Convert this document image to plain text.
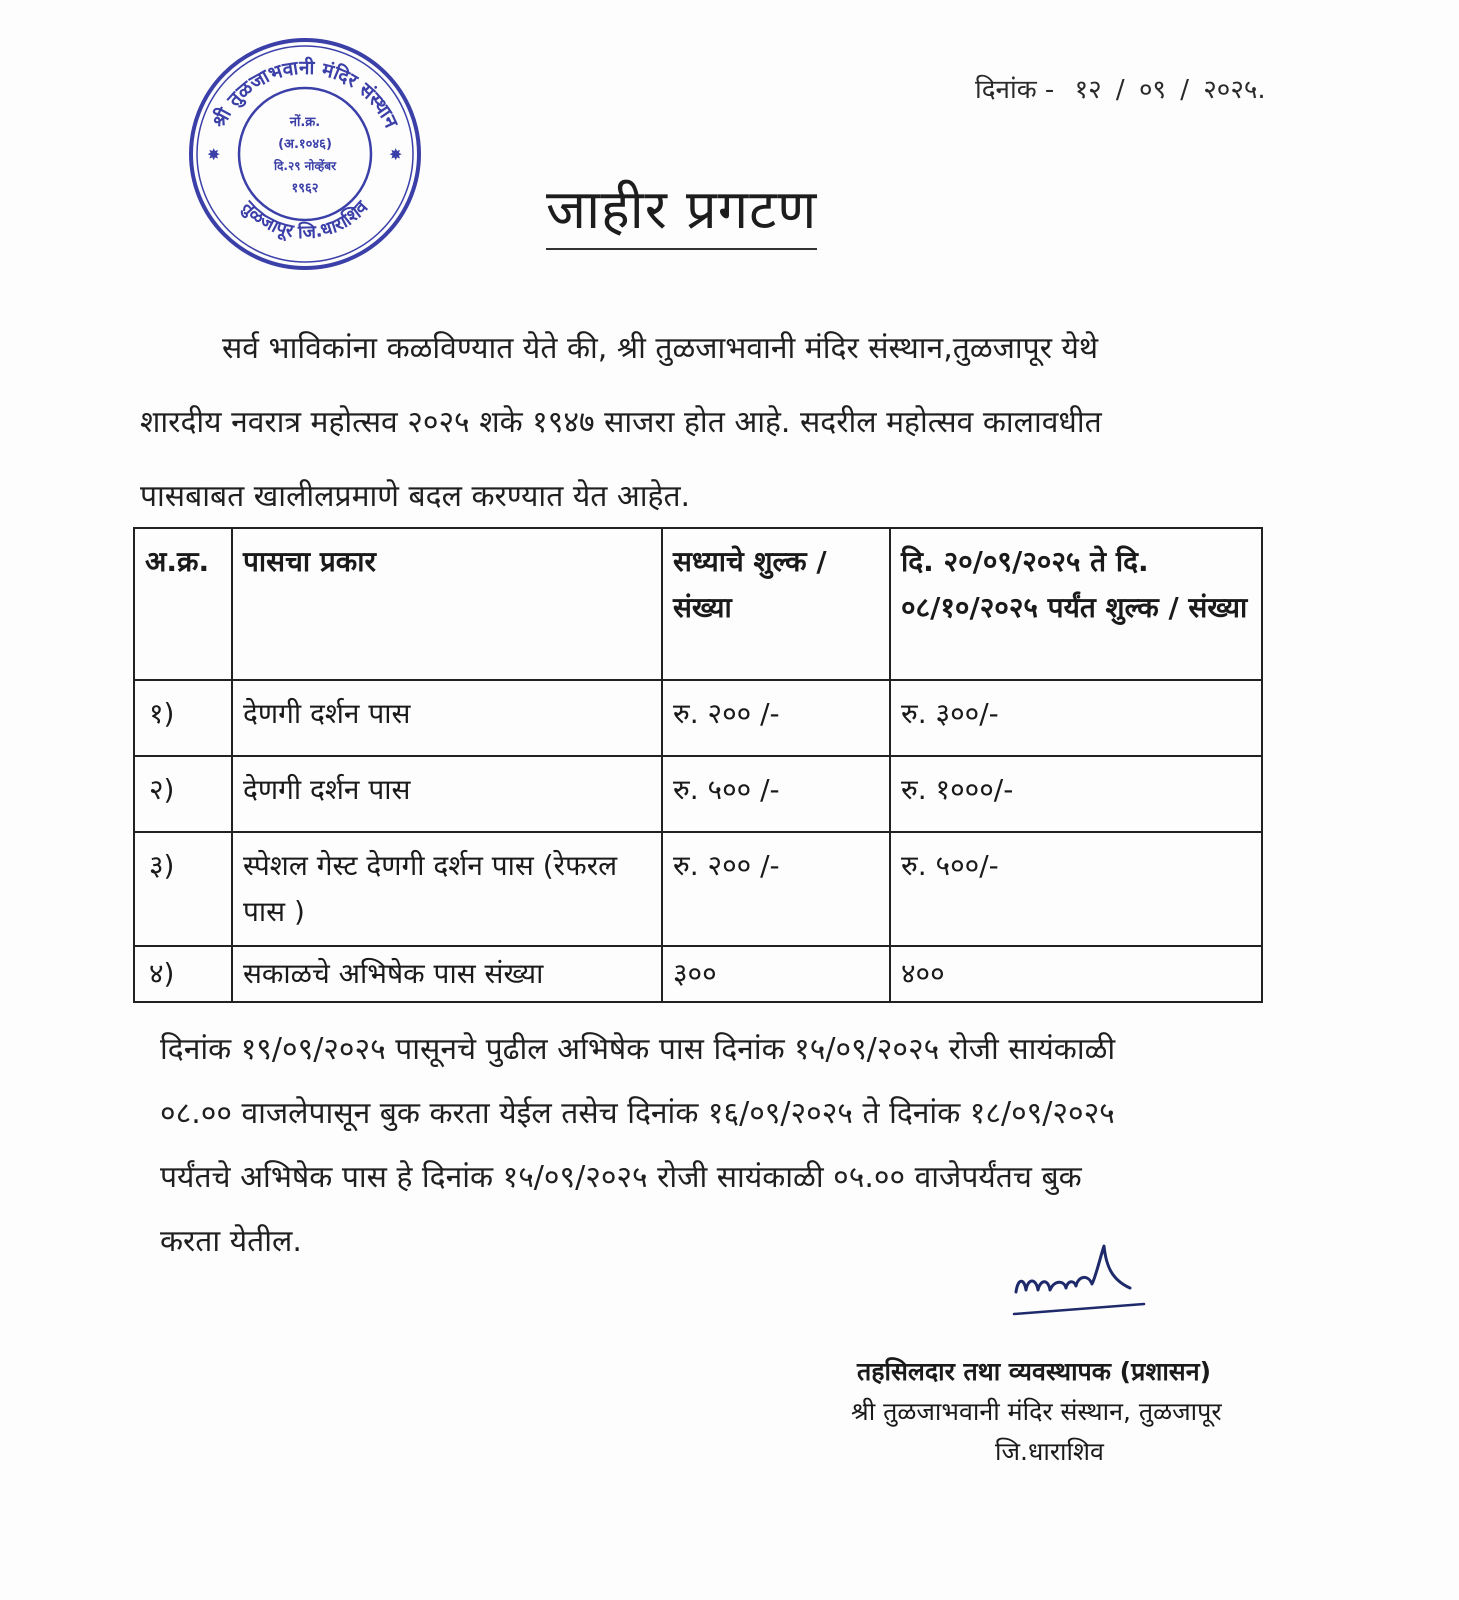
श्री तुळजाभवानी मंदिर संस्थान
तुळजापूर जि.धाराशिव
✸	✸
नों.क्र.
(अ.१०४६)
दि.२९ नोव्हेंबर
१९६२
दिनांक - १२ / ०९ / २०२५.
जाहीर प्रगटण
सर्व भाविकांना कळविण्यात येते की, श्री तुळजाभवानी मंदिर संस्थान,तुळजापूर येथे
शारदीय नवरात्र महोत्सव २०२५ शके १९४७ साजरा होत आहे. सदरील महोत्सव कालावधीत
पासबाबत खालीलप्रमाणे बदल करण्यात येत आहेत.
अ.क्र.	पासचा प्रकार	सध्याचे शुल्क / संख्या	दि. २०/०९/२०२५ ते दि. ०८/१०/२०२५ पर्यंत शुल्क / संख्या
१)	देणगी दर्शन पास	रु. २०० /-	रु. ३००/-
२)	देणगी दर्शन पास	रु. ५०० /-	रु. १०००/-
३)	स्पेशल गेस्ट देणगी दर्शन पास (रेफरल पास )	रु. २०० /-	रु. ५००/-
४)	सकाळचे अभिषेक पास संख्या	३००	४००
दिनांक १९/०९/२०२५ पासूनचे पुढील अभिषेक पास दिनांक १५/०९/२०२५ रोजी सायंकाळी
०८.०० वाजलेपासून बुक करता येईल तसेच दिनांक १६/०९/२०२५ ते दिनांक १८/०९/२०२५
पर्यंतचे अभिषेक पास हे दिनांक १५/०९/२०२५ रोजी सायंकाळी ०५.०० वाजेपर्यंतच बुक
करता येतील.
तहसिलदार तथा व्यवस्थापक (प्रशासन)
श्री तुळजाभवानी मंदिर संस्थान, तुळजापूर
जि.धाराशिव
